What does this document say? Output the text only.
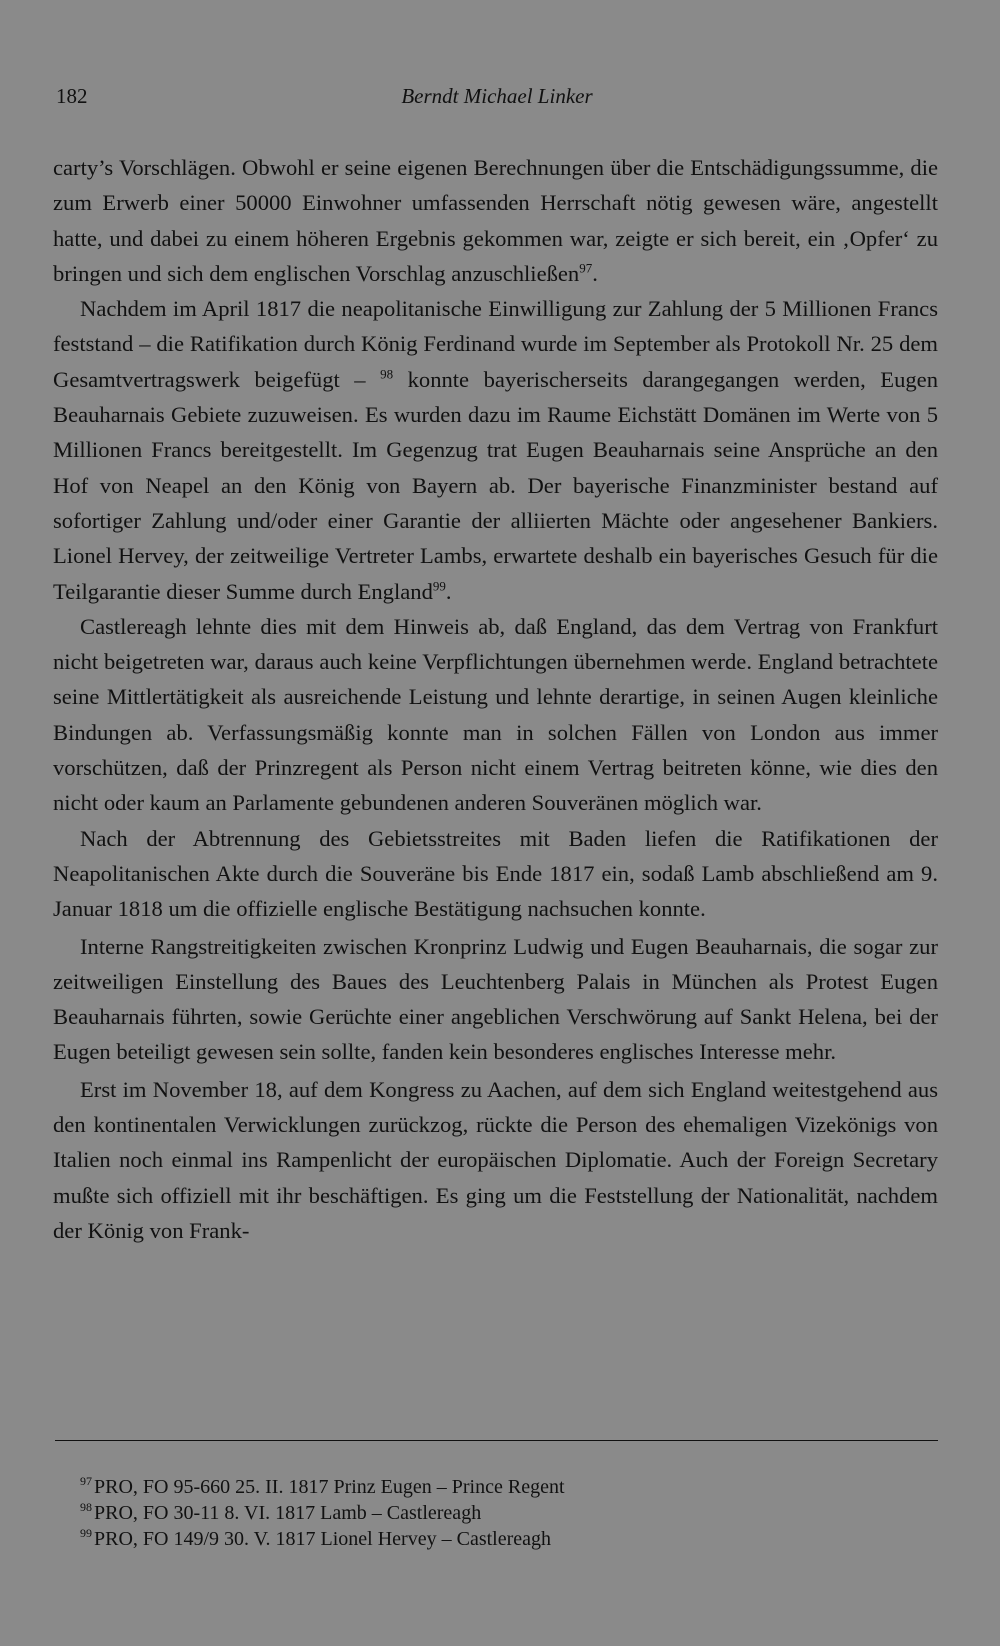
182	Berndt Michael Linker

carty’s Vorschlägen. Obwohl er seine eigenen Berechnungen über die Entschädigungssumme, die zum Erwerb einer 50000 Einwohner umfassenden Herrschaft nötig gewesen wäre, angestellt hatte, und dabei zu einem höheren Ergebnis gekommen war, zeigte er sich bereit, ein ‚Opfer‘ zu bringen und sich dem englischen Vorschlag anzuschließen$^{97}$.

Nachdem im April 1817 die neapolitanische Einwilligung zur Zahlung der 5 Millionen Francs feststand – die Ratifikation durch König Ferdinand wurde im September als Protokoll Nr. 25 dem Gesamtvertragswerk beigefügt – $^{98}$ konnte bayerischerseits darangegangen werden, Eugen Beauharnais Gebiete zuzuweisen. Es wurden dazu im Raume Eichstätt Domänen im Werte von 5 Millionen Francs bereitgestellt. Im Gegenzug trat Eugen Beauharnais seine Ansprüche an den Hof von Neapel an den König von Bayern ab. Der bayerische Finanzminister bestand auf sofortiger Zahlung und/oder einer Garantie der alliierten Mächte oder angesehener Bankiers. Lionel Hervey, der zeitweilige Vertreter Lambs, erwartete deshalb ein bayerisches Gesuch für die Teilgarantie dieser Summe durch England$^{99}$.

Castlereagh lehnte dies mit dem Hinweis ab, daß England, das dem Vertrag von Frankfurt nicht beigetreten war, daraus auch keine Verpflichtungen übernehmen werde. England betrachtete seine Mittlertätigkeit als ausreichende Leistung und lehnte derartige, in seinen Augen kleinliche Bindungen ab. Verfassungsmäßig konnte man in solchen Fällen von London aus immer vorschützen, daß der Prinzregent als Person nicht einem Vertrag beitreten könne, wie dies den nicht oder kaum an Parlamente gebundenen anderen Souveränen möglich war.

Nach der Abtrennung des Gebietsstreites mit Baden liefen die Ratifikationen der Neapolitanischen Akte durch die Souveräne bis Ende 1817 ein, sodaß Lamb abschließend am 9. Januar 1818 um die offizielle englische Bestätigung nachsuchen konnte.

Interne Rangstreitigkeiten zwischen Kronprinz Ludwig und Eugen Beauharnais, die sogar zur zeitweiligen Einstellung des Baues des Leuchtenberg Palais in München als Protest Eugen Beauharnais führten, sowie Gerüchte einer angeblichen Verschwörung auf Sankt Helena, bei der Eugen beteiligt gewesen sein sollte, fanden kein besonderes englisches Interesse mehr.

Erst im November 18, auf dem Kongress zu Aachen, auf dem sich England weitestgehend aus den kontinentalen Verwicklungen zurückzog, rückte die Person des ehemaligen Vizekönigs von Italien noch einmal ins Rampenlicht der europäischen Diplomatie. Auch der Foreign Secretary mußte sich offiziell mit ihr beschäftigen. Es ging um die Feststellung der Nationalität, nachdem der König von Frank-

$^{97}$ PRO, FO 95-660 25. II. 1817 Prinz Eugen – Prince Regent
$^{98}$ PRO, FO 30-11 8. VI. 1817 Lamb – Castlereagh
$^{99}$ PRO, FO 149/9 30. V. 1817 Lionel Hervey – Castlereagh
